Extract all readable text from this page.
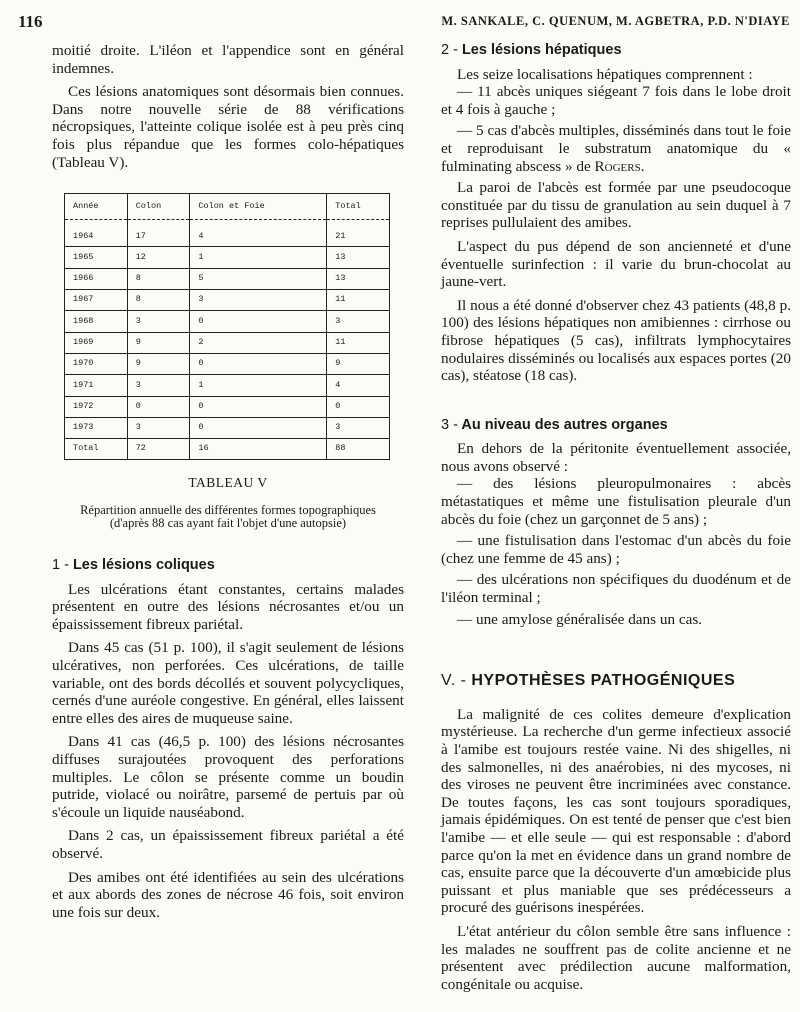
116	M. SANKALE, C. QUENUM, M. AGBETRA, P.D. N'DIAYE

moitié droite. L'iléon et l'appendice sont en général indemnes.

Ces lésions anatomiques sont désormais bien connues. Dans notre nouvelle série de 88 vérifications nécropsiques, l'atteinte colique isolée est à peu près cinq fois plus répandue que les formes colo-hépatiques (Tableau V).

Année	Colon	Colon et Foie	Total
1964	17	4	21
1965	12	1	13
1966	8	5	13
1967	8	3	11
1968	3	0	3
1969	9	2	11
1970	9	0	9
1971	3	1	4
1972	0	0	0
1973	3	0	3
Total	72	16	88
TABLEAU V
Répartition annuelle des différentes formes topographiques (d'après 88 cas ayant fait l'objet d'une autopsie)
1 - Les lésions coliques

Les ulcérations étant constantes, certains malades présentent en outre des lésions nécrosantes et/ou un épaississement fibreux pariétal.

Dans 45 cas (51 p. 100), il s'agit seulement de lésions ulcératives, non perforées. Ces ulcérations, de taille variable, ont des bords décollés et souvent polycycliques, cernés d'une auréole congestive. En général, elles laissent entre elles des aires de muqueuse saine.

Dans 41 cas (46,5 p. 100) des lésions nécrosantes diffuses surajoutées provoquent des perforations multiples. Le côlon se présente comme un boudin putride, violacé ou noirâtre, parsemé de pertuis par où s'écoule un liquide nauséabond.

Dans 2 cas, un épaississement fibreux pariétal a été observé.

Des amibes ont été identifiées au sein des ulcérations et aux abords des zones de nécrose 46 fois, soit environ une fois sur deux.

2 - Les lésions hépatiques

Les seize localisations hépatiques comprennent :

— 11 abcès uniques siégeant 7 fois dans le lobe droit et 4 fois à gauche ;
— 5 cas d'abcès multiples, disséminés dans tout le foie et reproduisant le substratum anatomique du « fulminating abscess » de Rogers.

La paroi de l'abcès est formée par une pseudocoque constituée par du tissu de granulation au sein duquel à 7 reprises pullulaient des amibes.

L'aspect du pus dépend de son ancienneté et d'une éventuelle surinfection : il varie du brun-chocolat au jaune-vert.

Il nous a été donné d'observer chez 43 patients (48,8 p. 100) des lésions hépatiques non amibiennes : cirrhose ou fibrose hépatiques (5 cas), infiltrats lymphocytaires nodulaires disséminés ou localisés aux espaces portes (20 cas), stéatose (18 cas).

3 - Au niveau des autres organes

En dehors de la péritonite éventuellement associée, nous avons observé :

— des lésions pleuropulmonaires : abcès métastatiques et même une fistulisation pleurale d'un abcès du foie (chez un garçonnet de 5 ans) ;
— une fistulisation dans l'estomac d'un abcès du foie (chez une femme de 45 ans) ;
— des ulcérations non spécifiques du duodénum et de l'iléon terminal ;
— une amylose généralisée dans un cas.
V. - HYPOTHÈSES PATHOGÉNIQUES

La malignité de ces colites demeure d'explication mystérieuse. La recherche d'un germe infectieux associé à l'amibe est toujours restée vaine. Ni des shigelles, ni des salmonelles, ni des anaérobies, ni des mycoses, ni des viroses ne peuvent être incriminées avec constance. De toutes façons, les cas sont toujours sporadiques, jamais épidémiques. On est tenté de penser que c'est bien l'amibe — et elle seule — qui est responsable : d'abord parce qu'on la met en évidence dans un grand nombre de cas, ensuite parce que la découverte d'un amœbicide plus puissant et plus maniable que ses prédécesseurs a procuré des guérisons inespérées.

L'état antérieur du côlon semble être sans influence : les malades ne souffrent pas de colite ancienne et ne présentent avec prédilection aucune malformation, congénitale ou acquise.
